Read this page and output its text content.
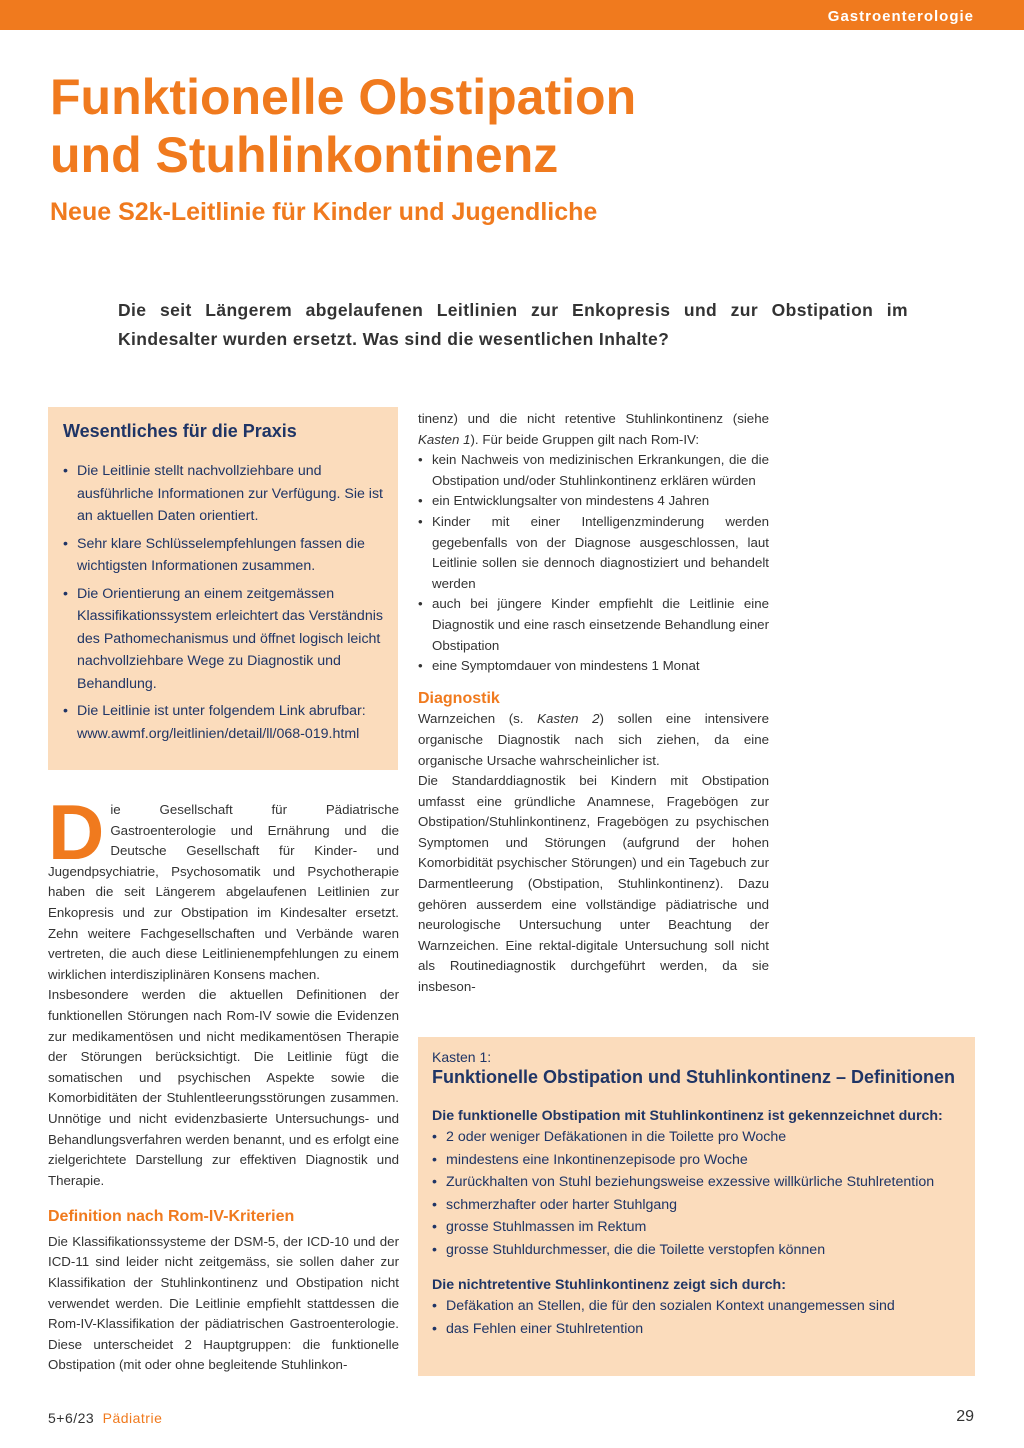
Gastroenterologie
Funktionelle Obstipation
und Stuhlinkontinenz
Neue S2k-Leitlinie für Kinder und Jugendliche

Die seit Längerem abgelaufenen Leitlinien zur Enkopresis und zur Obstipation im Kindesalter wurden ersetzt. Was sind die wesentlichen Inhalte?

Wesentliches für die Praxis
• Die Leitlinie stellt nachvollziehbare und ausführliche Informationen zur Verfügung. Sie ist an aktuellen Daten orientiert.
• Sehr klare Schlüsselempfehlungen fassen die wichtigsten Informationen zusammen.
• Die Orientierung an einem zeitgemässen Klassifikationssystem erleichtert das Verständnis des Pathomechanismus und öffnet logisch leicht nachvollziehbare Wege zu Diagnostik und Behandlung.
• Die Leitlinie ist unter folgendem Link abrufbar: www.awmf.org/leitlinien/detail/ll/068-019.html

Die Gesellschaft für Pädiatrische Gastroenterologie und Ernährung und die Deutsche Gesellschaft für Kinder- und Jugendpsychiatrie, Psychosomatik und Psychotherapie haben die seit Längerem abgelaufenen Leitlinien zur Enkopresis und zur Obstipation im Kindesalter ersetzt. Zehn weitere Fachgesellschaften und Verbände waren vertreten, die auch diese Leitlinienempfehlungen zu einem wirklichen interdisziplinären Konsens machen.

Insbesondere werden die aktuellen Definitionen der funktionellen Störungen nach Rom-IV sowie die Evidenzen zur medikamentösen und nicht medikamentösen Therapie der Störungen berücksichtigt. Die Leitlinie fügt die somatischen und psychischen Aspekte sowie die Komorbiditäten der Stuhlentleerungsstörungen zusammen. Unnötige und nicht evidenzbasierte Untersuchungs- und Behandlungsverfahren werden benannt, und es erfolgt eine zielgerichtete Darstellung zur effektiven Diagnostik und Therapie.

Definition nach Rom-IV-Kriterien

Die Klassifikationssysteme der DSM-5, der ICD-10 und der ICD-11 sind leider nicht zeitgemäss, sie sollen daher zur Klassifikation der Stuhlinkontinenz und Obstipation nicht verwendet werden. Die Leitlinie empfiehlt stattdessen die Rom-IV-Klassifikation der pädiatrischen Gastroenterologie. Diese unterscheidet 2 Hauptgruppen: die funktionelle Obstipation (mit oder ohne begleitende Stuhlinkon-

tinenz) und die nicht retentive Stuhlinkontinenz (siehe Kasten 1). Für beide Gruppen gilt nach Rom-IV:

• kein Nachweis von medizinischen Erkrankungen, die die Obstipation und/oder Stuhlinkontinenz erklären würden
• ein Entwicklungsalter von mindestens 4 Jahren
• Kinder mit einer Intelligenzminderung werden gegebenfalls von der Diagnose ausgeschlossen, laut Leitlinie sollen sie dennoch diagnostiziert und behandelt werden
• auch bei jüngere Kinder empfiehlt die Leitlinie eine Diagnostik und eine rasch einsetzende Behandlung einer Obstipation
• eine Symptomdauer von mindestens 1 Monat
Diagnostik

Warnzeichen (s. Kasten 2) sollen eine intensivere organische Diagnostik nach sich ziehen, da eine organische Ursache wahrscheinlicher ist.

Die Standarddiagnostik bei Kindern mit Obstipation umfasst eine gründliche Anamnese, Fragebögen zur Obstipation/Stuhlinkontinenz, Fragebögen zu psychischen Symptomen und Störungen (aufgrund der hohen Komorbidität psychischer Störungen) und ein Tagebuch zur Darmentleerung (Obstipation, Stuhlinkontinenz). Dazu gehören ausserdem eine vollständige pädiatrische und neurologische Untersuchung unter Beachtung der Warnzeichen. Eine rektal-digitale Untersuchung soll nicht als Routinediagnostik durchgeführt werden, da sie insbeson-

Kasten 1:
Funktionelle Obstipation und Stuhlinkontinenz – Definitionen
Die funktionelle Obstipation mit Stuhlinkontinenz ist gekennzeichnet durch:
• 2 oder weniger Defäkationen in die Toilette pro Woche
• mindestens eine Inkontinenzepisode pro Woche
• Zurückhalten von Stuhl beziehungsweise exzessive willkürliche Stuhlretention
• schmerzhafter oder harter Stuhlgang
• grosse Stuhlmassen im Rektum
• grosse Stuhldurchmesser, die die Toilette verstopfen können
Die nichtretentive Stuhlinkontinenz zeigt sich durch:
• Defäkation an Stellen, die für den sozialen Kontext unangemessen sind
• das Fehlen einer Stuhlretention
5+6/23 Pädiatrie	29
